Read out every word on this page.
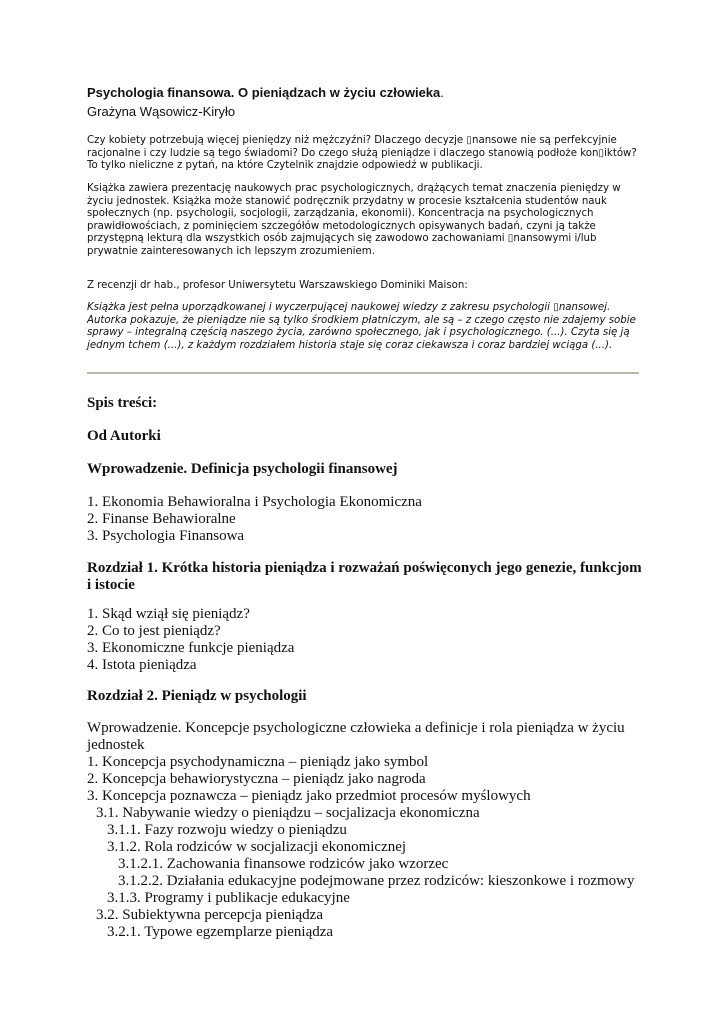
Psychologia finansowa. O pieniądzach w życiu człowieka.
Grażyna Wąsowicz-Kiryło

Czy kobiety potrzebują więcej pieniędzy niż mężczyźni? Dlaczego decyzje ▯nansowe nie są perfekcyjnie racjonalne i czy ludzie są tego świadomi? Do czego służą pieniądze i dlaczego stanowią podłoże kon▯iktów? To tylko nieliczne z pytań, na które Czytelnik znajdzie odpowiedź w publikacji.

Książka zawiera prezentację naukowych prac psychologicznych, drążących temat znaczenia pieniędzy w życiu jednostek. Książka może stanowić podręcznik przydatny w procesie kształcenia studentów nauk społecznych (np. psychologii, socjologii, zarządzania, ekonomii). Koncentracja na psychologicznych prawidłowościach, z pominięciem szczegółów metodologicznych opisywanych badań, czyni ją także przystępną lekturą dla wszystkich osób zajmujących się zawodowo zachowaniami ▯nansowymi i/lub prywatnie zainteresowanych ich lepszym zrozumieniem.

Z recenzji dr hab., profesor Uniwersytetu Warszawskiego Dominiki Maison:

Książka jest pełna uporządkowanej i wyczerpującej naukowej wiedzy z zakresu psychologii ▯nansowej. Autorka pokazuje, że pieniądze nie są tylko środkiem płatniczym, ale są – z czego często nie zdajemy sobie sprawy – integralną częścią naszego życia, zarówno społecznego, jak i psychologicznego. (...). Czyta się ją jednym tchem (...), z każdym rozdziałem historia staje się coraz ciekawsza i coraz bardziej wciąga (...).

Spis treści:
Od Autorki
Wprowadzenie. Definicja psychologii finansowej
1. Ekonomia Behawioralna i Psychologia Ekonomiczna
2. Finanse Behawioralne
3. Psychologia Finansowa
Rozdział 1. Krótka historia pieniądza i rozważań poświęconych jego genezie, funkcjom i istocie
1. Skąd wziął się pieniądz?
2. Co to jest pieniądz?
3. Ekonomiczne funkcje pieniądza
4. Istota pieniądza
Rozdział 2. Pieniądz w psychologii
Wprowadzenie. Koncepcje psychologiczne człowieka a definicje i rola pieniądza w życiu jednostek
1. Koncepcja psychodynamiczna – pieniądz jako symbol
2. Koncepcja behawiorystyczna – pieniądz jako nagroda
3. Koncepcja poznawcza – pieniądz jako przedmiot procesów myślowych
3.1. Nabywanie wiedzy o pieniądzu – socjalizacja ekonomiczna
3.1.1. Fazy rozwoju wiedzy o pieniądzu
3.1.2. Rola rodziców w socjalizacji ekonomicznej
3.1.2.1. Zachowania finansowe rodziców jako wzorzec
3.1.2.2. Działania edukacyjne podejmowane przez rodziców: kieszonkowe i rozmowy
3.1.3. Programy i publikacje edukacyjne
3.2. Subiektywna percepcja pieniądza
3.2.1. Typowe egzemplarze pieniądza
